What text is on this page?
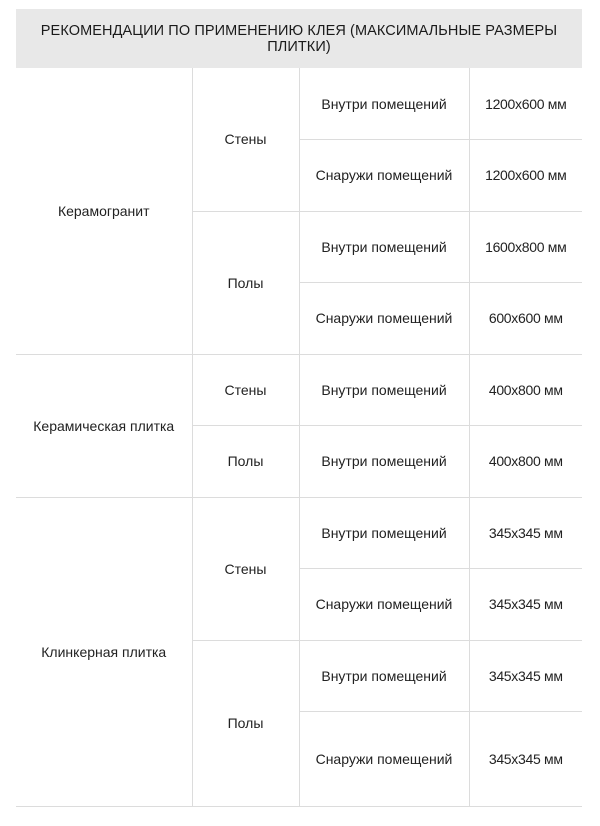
РЕКОМЕНДАЦИИ ПО ПРИМЕНЕНИЮ КЛЕЯ (МАКСИМАЛЬНЫЕ РАЗМЕРЫ ПЛИТКИ)			
Керамогранит	Стены	Внутри помещений	1200x600 мм
		Снаружи помещений	1200x600 мм
	Полы	Внутри помещений	1600x800 мм
		Снаружи помещений	600x600 мм
Керамическая плитка	Стены	Внутри помещений	400x800 мм
	Полы	Внутри помещений	400x800 мм
Клинкерная плитка	Стены	Внутри помещений	345x345 мм
		Снаружи помещений	345x345 мм
	Полы	Внутри помещений	345x345 мм
		Снаружи помещений	345x345 мм
